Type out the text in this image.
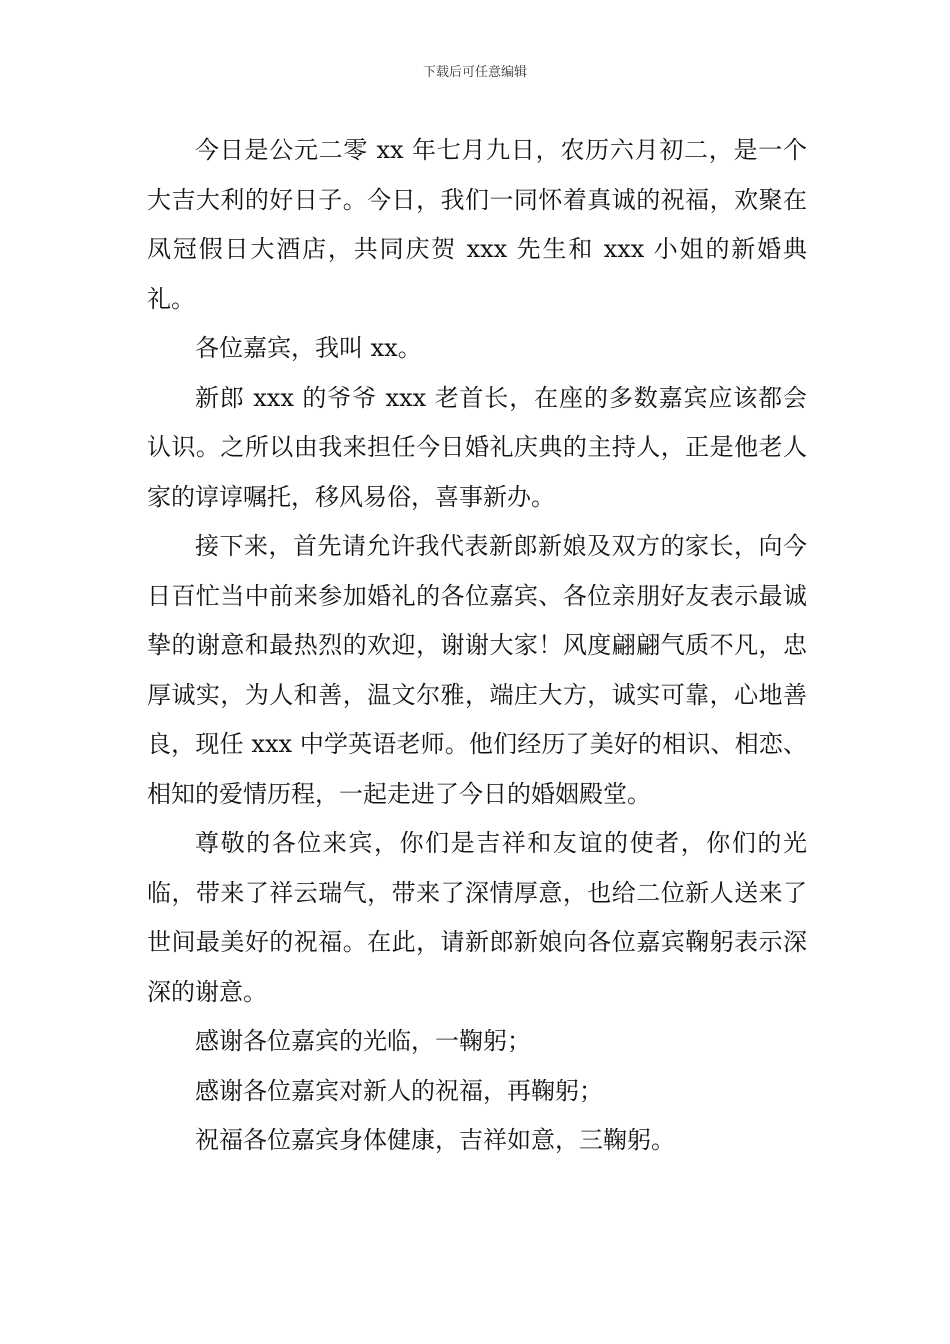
下载后可任意编辑

今日是公元二零 xx 年七月九日，农历六月初二，是一个大吉大利的好日子。今日，我们一同怀着真诚的祝福，欢聚在凤冠假日大酒店，共同庆贺 xxx 先生和 xxx 小姐的新婚典礼。

各位嘉宾，我叫 xx。

新郎 xxx 的爷爷 xxx 老首长，在座的多数嘉宾应该都会认识。之所以由我来担任今日婚礼庆典的主持人，正是他老人家的谆谆嘱托，移风易俗，喜事新办。

接下来，首先请允许我代表新郎新娘及双方的家长，向今日百忙当中前来参加婚礼的各位嘉宾、各位亲朋好友表示最诚挚的谢意和最热烈的欢迎，谢谢大家！风度翩翩气质不凡，忠厚诚实，为人和善，温文尔雅，端庄大方，诚实可靠，心地善良，现任 xxx 中学英语老师。他们经历了美好的相识、相恋、相知的爱情历程，一起走进了今日的婚姻殿堂。

尊敬的各位来宾，你们是吉祥和友谊的使者，你们的光临，带来了祥云瑞气，带来了深情厚意，也给二位新人送来了世间最美好的祝福。在此，请新郎新娘向各位嘉宾鞠躬表示深深的谢意。

感谢各位嘉宾的光临，一鞠躬；

感谢各位嘉宾对新人的祝福，再鞠躬；

祝福各位嘉宾身体健康，吉祥如意，三鞠躬。
